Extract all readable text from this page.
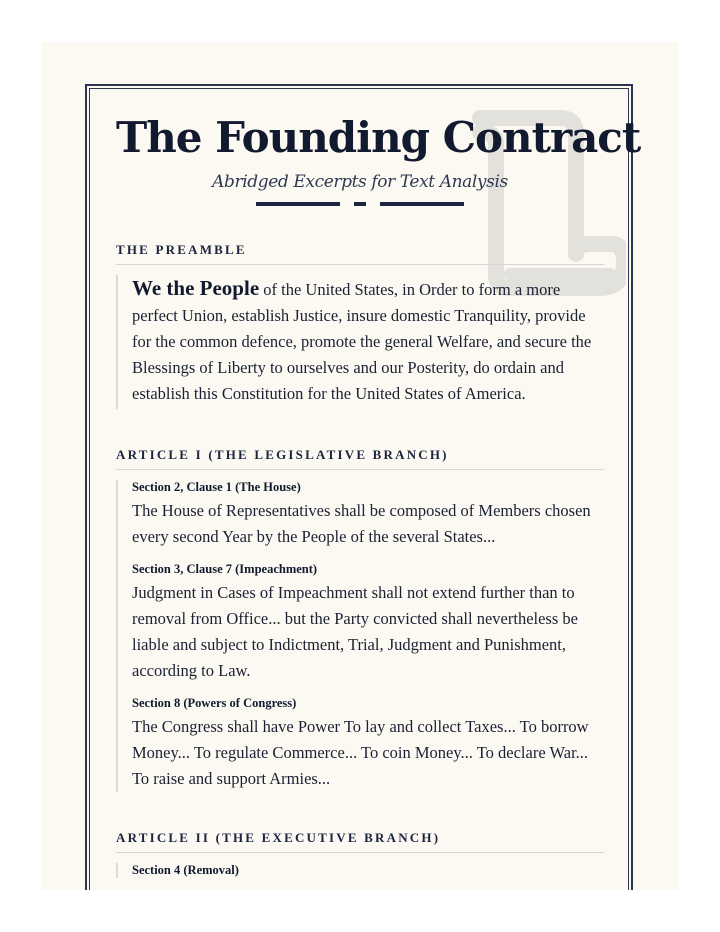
The Founding Contract

Abridged Excerpts for Text Analysis

THE PREAMBLE

We the People of the United States, in Order to form a more perfect Union, establish Justice, insure domestic Tranquility, provide for the common defence, promote the general Welfare, and secure the Blessings of Liberty to ourselves and our Posterity, do ordain and establish this Constitution for the United States of America.

ARTICLE I (THE LEGISLATIVE BRANCH)

Section 2, Clause 1 (The House)

The House of Representatives shall be composed of Members chosen every second Year by the People of the several States...

Section 3, Clause 7 (Impeachment)

Judgment in Cases of Impeachment shall not extend further than to removal from Office... but the Party convicted shall nevertheless be liable and subject to Indictment, Trial, Judgment and Punishment, according to Law.

Section 8 (Powers of Congress)

The Congress shall have Power To lay and collect Taxes... To borrow Money... To regulate Commerce... To coin Money... To declare War... To raise and support Armies...

ARTICLE II (THE EXECUTIVE BRANCH)

Section 4 (Removal)
